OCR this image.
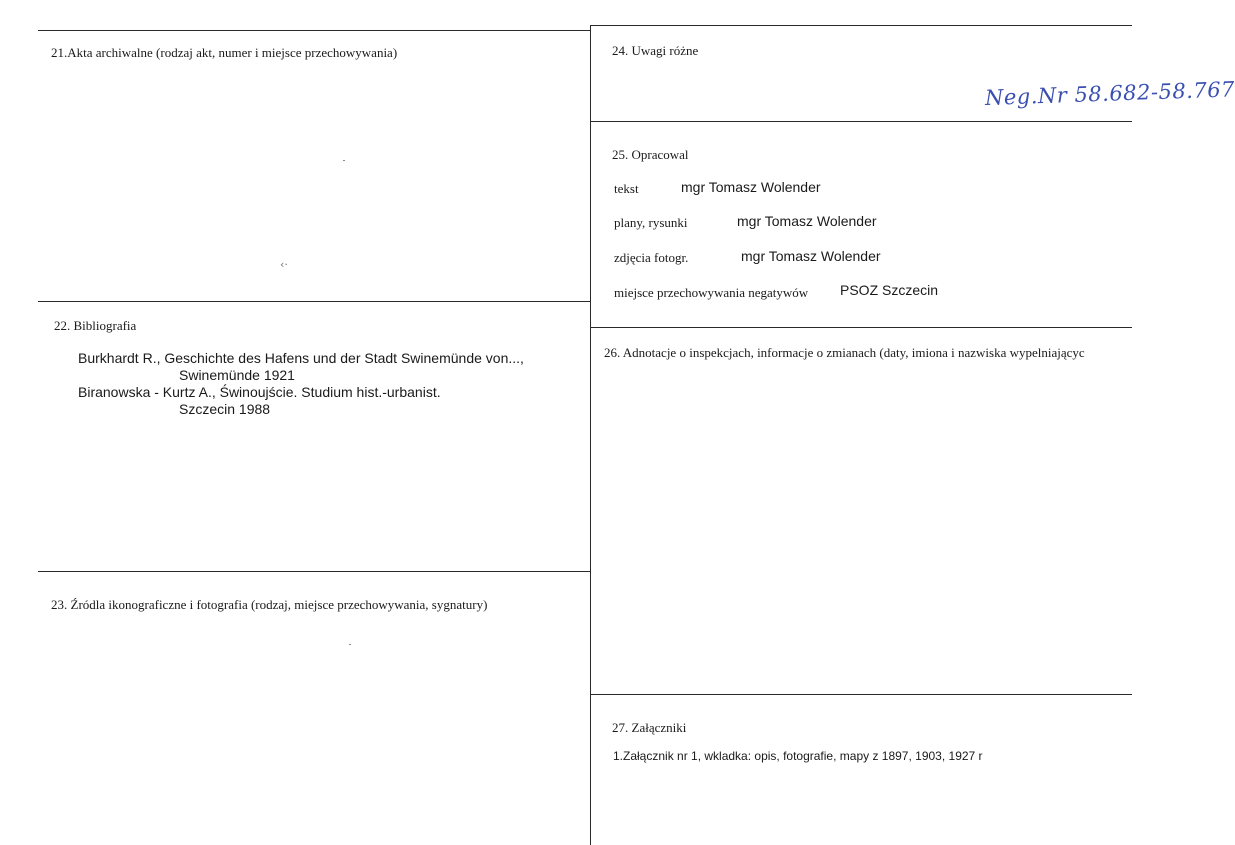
21.Akta archiwalne (rodzaj akt, numer i miejsce przechowywania)
‹·
22. Bibliografia
Burkhardt R., Geschichte des Hafens und der Stadt Swinemünde von...,
Swinemünde 1921
Biranowska - Kurtz A., Świnoujście. Studium hist.-urbanist.
Szczecin 1988
23. Źródla ikonograficzne i fotografia (rodzaj, miejsce przechowywania, sygnatury)
24. Uwagi różne
Neg.Nr 58.682-58.767
25. Opracowal
tekst	mgr Tomasz Wolender
plany, rysunki	mgr Tomasz Wolender
zdjęcia fotogr.	mgr Tomasz Wolender
miejsce przechowywania negatywów PSOZ Szczecin
26. Adnotacje o inspekcjach, informacje o zmianach (daty, imiona i nazwiska wypelniającyc
27. Załączniki
1.Załącznik nr 1, wkladka: opis, fotografie, mapy z 1897, 1903, 1927 r
